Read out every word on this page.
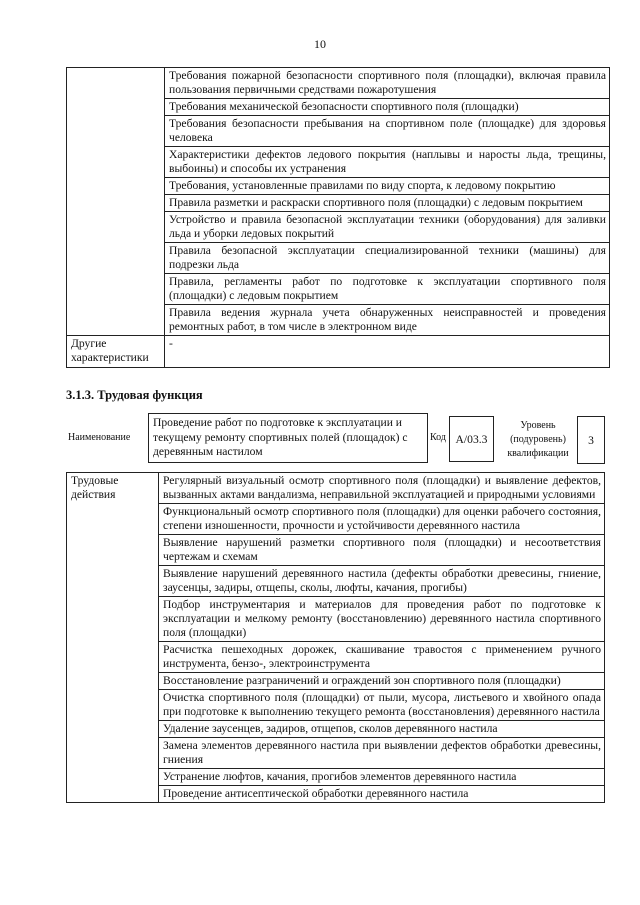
10
	Требования пожарной безопасности спортивного поля (площадки), включая правила пользования первичными средствами пожаротушения
	Требования механической безопасности спортивного поля (площадки)
	Требования безопасности пребывания на спортивном поле (площадке) для здоровья человека
	Характеристики дефектов ледового покрытия (наплывы и наросты льда, трещины, выбоины) и способы их устранения
	Требования, установленные правилами по виду спорта, к ледовому покрытию
	Правила разметки и раскраски спортивного поля (площадки) с ледовым покрытием
	Устройство и правила безопасной эксплуатации техники (оборудования) для заливки льда и уборки ледовых покрытий
	Правила безопасной эксплуатации специализированной техники (машины) для подрезки льда
	Правила, регламенты работ по подготовке к эксплуатации спортивного поля (площадки) с ледовым покрытием
	Правила ведения журнала учета обнаруженных неисправностей и проведения ремонтных работ, в том числе в электронном виде
Другие характеристики	-
3.1.3. Трудовая функция
Наименование
Проведение работ по подготовке к эксплуатации и текущему ремонту спортивных полей (площадок) с деревянным настилом
Код А/03.3
Уровень (подуровень) квалификации
3
Трудовые действия	Регулярный визуальный осмотр спортивного поля (площадки) и выявление дефектов, вызванных актами вандализма, неправильной эксплуатацией и природными условиями
Функциональный осмотр спортивного поля (площадки) для оценки рабочего состояния, степени изношенности, прочности и устойчивости деревянного настила
Выявление нарушений разметки спортивного поля (площадки) и несоответствия чертежам и схемам
Выявление нарушений деревянного настила (дефекты обработки древесины, гниение, заусенцы, задиры, отщепы, сколы, люфты, качания, прогибы)
Подбор инструментария и материалов для проведения работ по подготовке к эксплуатации и мелкому ремонту (восстановлению) деревянного настила спортивного поля (площадки)
Расчистка пешеходных дорожек, скашивание травостоя с применением ручного инструмента, бензо-, электроинструмента
Восстановление разграничений и ограждений зон спортивного поля (площадки)
Очистка спортивного поля (площадки) от пыли, мусора, листьевого и хвойного опада при подготовке к выполнению текущего ремонта (восстановления) деревянного настила
Удаление заусенцев, задиров, отщепов, сколов деревянного настила
Замена элементов деревянного настила при выявлении дефектов обработки древесины, гниения
Устранение люфтов, качания, прогибов элементов деревянного настила
Проведение антисептической обработки деревянного настила
